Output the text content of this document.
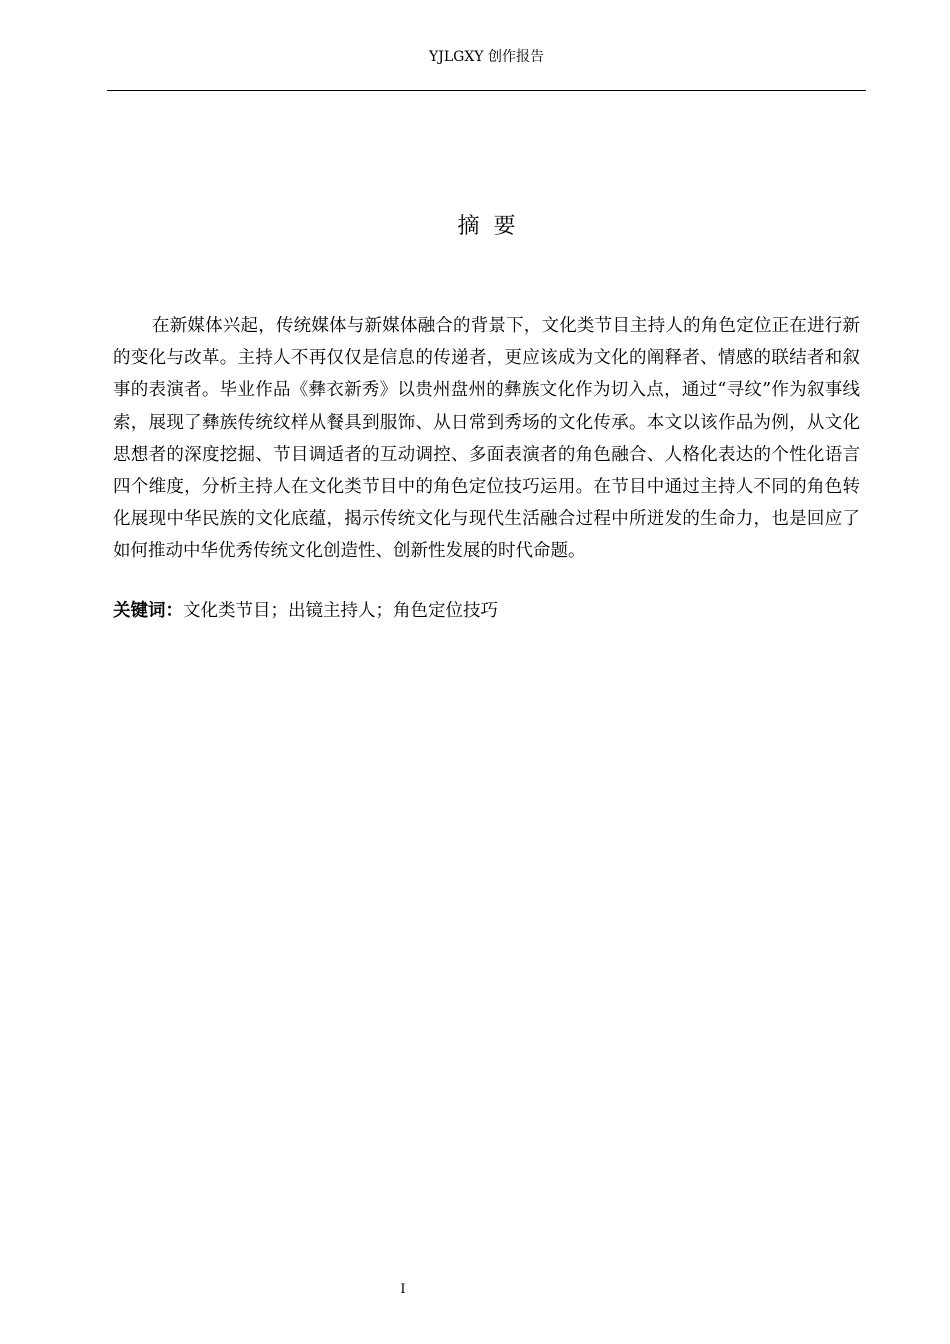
YJLGXY 创作报告
摘要

在新媒体兴起，传统媒体与新媒体融合的背景下，文化类节目主持人的角色定位正在进行新的变化与改革。主持人不再仅仅是信息的传递者，更应该成为文化的阐释者、情感的联结者和叙事的表演者。毕业作品《彝衣新秀》以贵州盘州的彝族文化作为切入点，通过“寻纹”作为叙事线索，展现了彝族传统纹样从餐具到服饰、从日常到秀场的文化传承。本文以该作品为例，从文化思想者的深度挖掘、节目调适者的互动调控、多面表演者的角色融合、人格化表达的个性化语言四个维度，分析主持人在文化类节目中的角色定位技巧运用。在节目中通过主持人不同的角色转化展现中华民族的文化底蕴，揭示传统文化与现代生活融合过程中所迸发的生命力，也是回应了如何推动中华优秀传统文化创造性、创新性发展的时代命题。

关键词：文化类节目；出镜主持人；角色定位技巧
I
